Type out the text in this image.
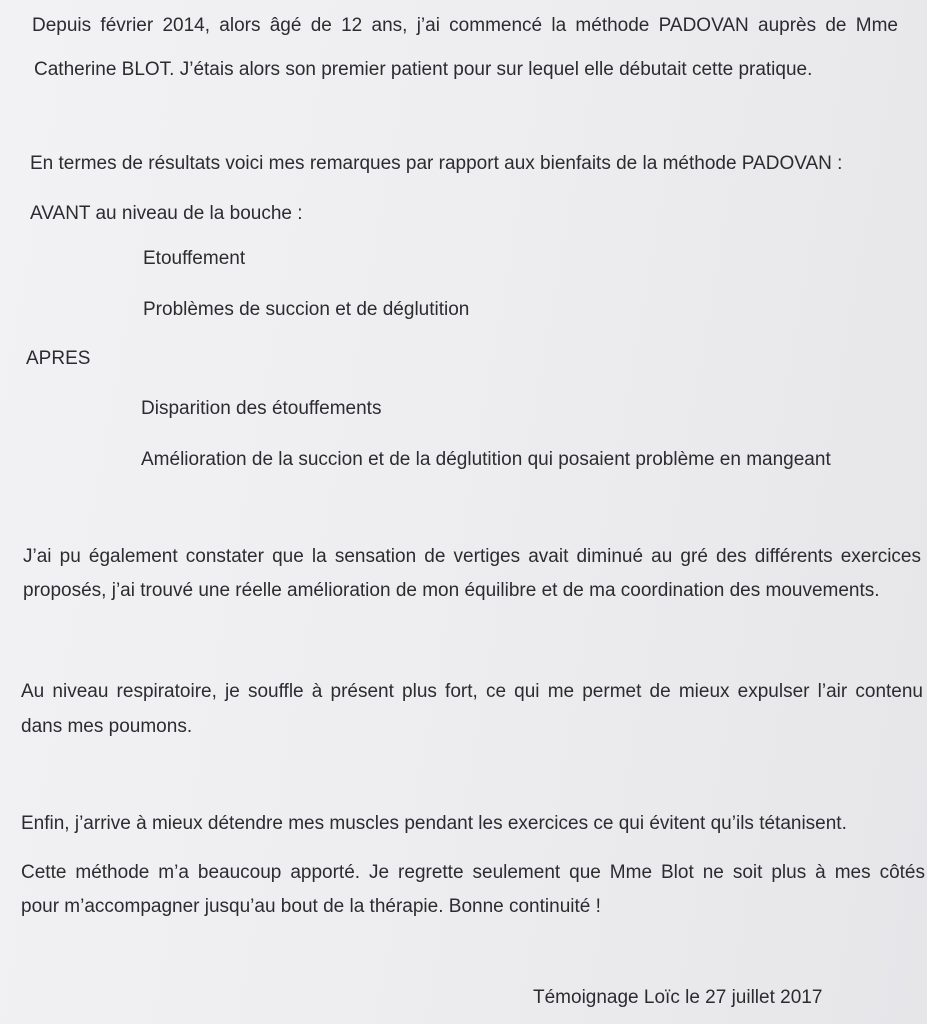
Depuis février 2014, alors âgé de 12 ans, j’ai commencé la méthode PADOVAN auprès de Mme

Catherine BLOT. J’étais alors son premier patient pour sur lequel elle débutait cette pratique.

En termes de résultats voici mes remarques par rapport aux bienfaits de la méthode PADOVAN :

AVANT au niveau de la bouche :

Etouffement

Problèmes de succion et de déglutition

APRES

Disparition des étouffements

Amélioration de la succion et de la déglutition qui posaient problème en mangeant

J’ai pu également constater que la sensation de vertiges avait diminué au gré des différents exercices

proposés, j’ai trouvé une réelle amélioration de mon équilibre et de ma coordination des mouvements.

Au niveau respiratoire, je souffle à présent plus fort, ce qui me permet de mieux expulser l’air contenu

dans mes poumons.

Enfin, j’arrive à mieux détendre mes muscles pendant les exercices ce qui évitent qu’ils tétanisent.

Cette méthode m’a beaucoup apporté. Je regrette seulement que Mme Blot ne soit plus à mes côtés

pour m’accompagner jusqu’au bout de la thérapie. Bonne continuité !

Témoignage Loïc le 27 juillet 2017
